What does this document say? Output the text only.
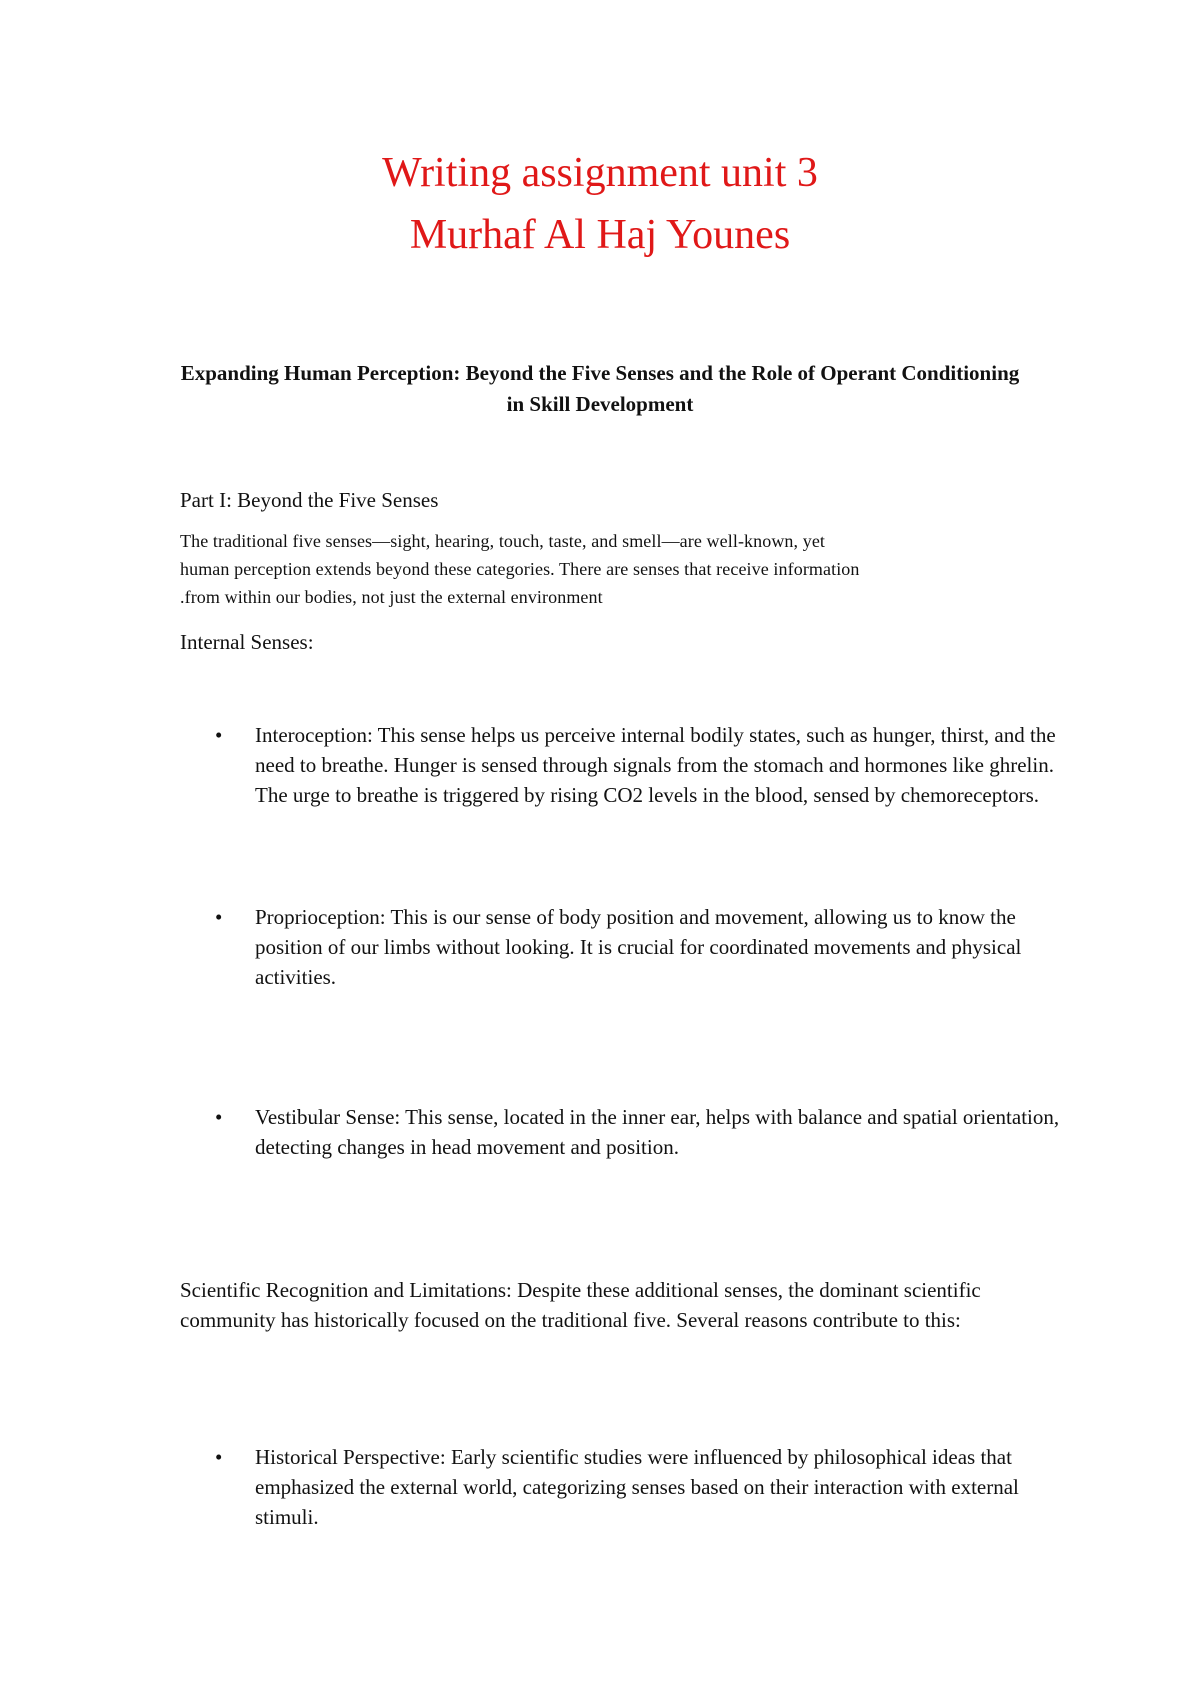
Writing assignment unit 3
Murhaf Al Haj Younes
Expanding Human Perception: Beyond the Five Senses and the Role of Operant Conditioning in Skill Development
Part I: Beyond the Five Senses
The traditional five senses—sight, hearing, touch, taste, and smell—are well-known, yet
human perception extends beyond these categories. There are senses that receive information
.from within our bodies, not just the external environment
Internal Senses:
• Interoception: This sense helps us perceive internal bodily states, such as hunger, thirst, and the need to breathe. Hunger is sensed through signals from the stomach and hormones like ghrelin. The urge to breathe is triggered by rising CO2 levels in the blood, sensed by chemoreceptors.
• Proprioception: This is our sense of body position and movement, allowing us to know the position of our limbs without looking. It is crucial for coordinated movements and physical activities.
• Vestibular Sense: This sense, located in the inner ear, helps with balance and spatial orientation, detecting changes in head movement and position.
Scientific Recognition and Limitations: Despite these additional senses, the dominant scientific community has historically focused on the traditional five. Several reasons contribute to this:
• Historical Perspective: Early scientific studies were influenced by philosophical ideas that emphasized the external world, categorizing senses based on their interaction with external stimuli.
